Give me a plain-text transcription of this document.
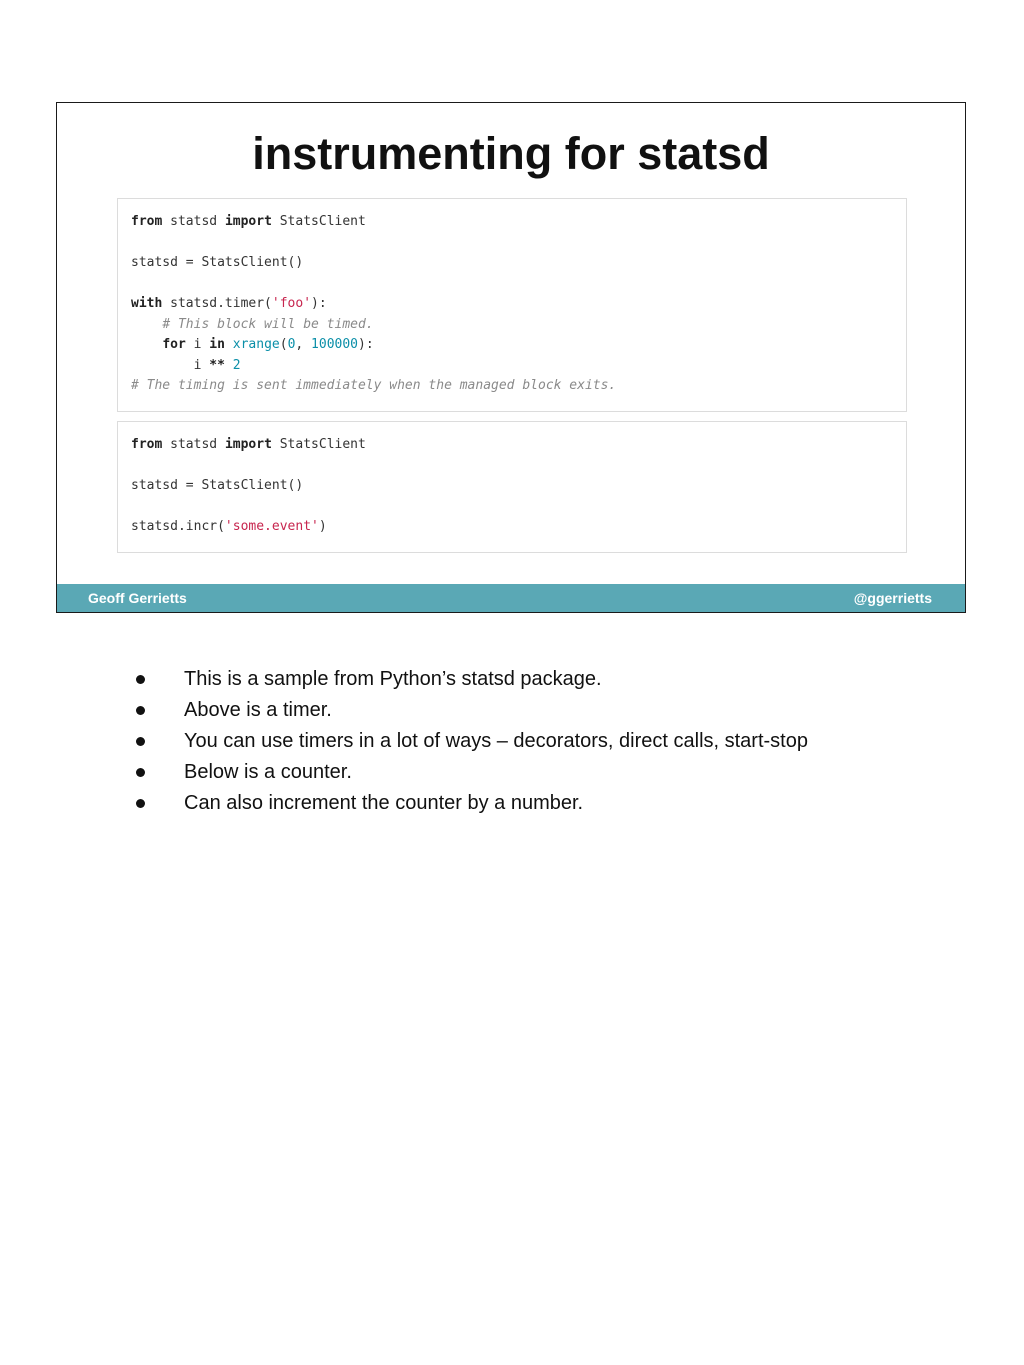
instrumenting for statsd
from statsd import StatsClient
statsd = StatsClient()
with statsd.timer('foo'):
# This block will be timed.
for i in xrange(0, 100000):
i ** 2
# The timing is sent immediately when the managed block exits.
from statsd import StatsClient
statsd = StatsClient()
statsd.incr('some.event')
Geoff Gerrietts	@ggerrietts
This is a sample from Python’s statsd package.
Above is a timer.
You can use timers in a lot of ways – decorators, direct calls, start-stop
Below is a counter.
Can also increment the counter by a number.
